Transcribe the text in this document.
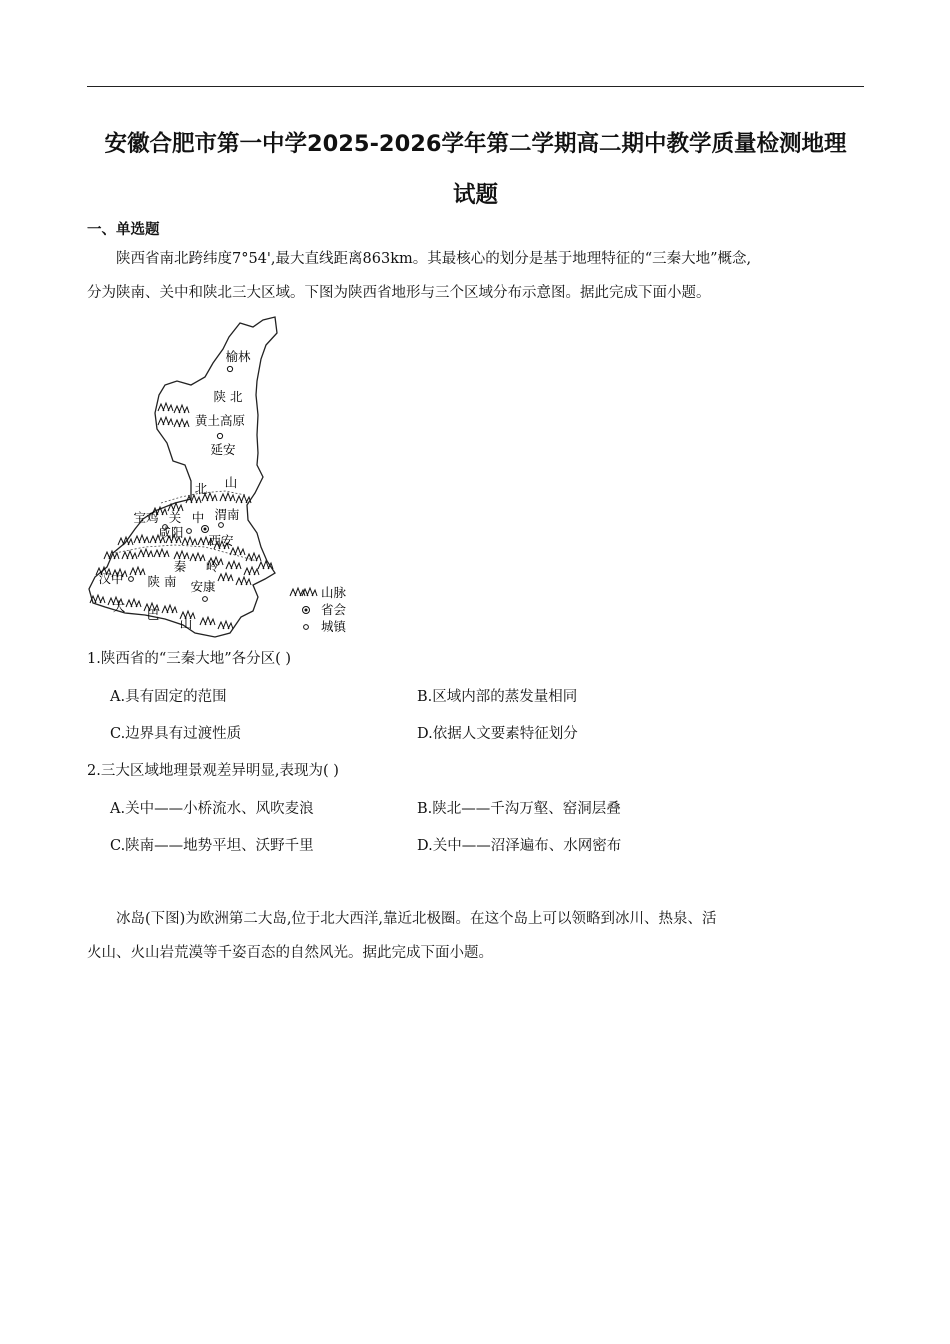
安徽合肥市第一中学2025-2026学年第二学期高二期中教学质量检测地理
试题
一、单选题

陕西省南北跨纬度7°54',最大直线距离863km。其最核心的划分是基于地理特征的“三秦大地”概念,

分为陕南、关中和陕北三大区域。下图为陕西省地形与三个区域分布示意图。据此完成下面小题。

榆林
延安
宝鸡
咸阳
西安
渭南
汉中
安康
陕 北
黄土高原
北 山
关 中
秦 岭
陕 南
大
巴
山
山脉
省会
城镇
1.陕西省的“三秦大地”各分区( )
A.具有固定的范围	B.区域内部的蒸发量相同
C.边界具有过渡性质	D.依据人文要素特征划分
2.三大区域地理景观差异明显,表现为( )
A.关中——小桥流水、风吹麦浪	B.陕北——千沟万壑、窑洞层叠
C.陕南——地势平坦、沃野千里	D.关中——沼泽遍布、水网密布

冰岛(下图)为欧洲第二大岛,位于北大西洋,靠近北极圈。在这个岛上可以领略到冰川、热泉、活

火山、火山岩荒漠等千姿百态的自然风光。据此完成下面小题。
